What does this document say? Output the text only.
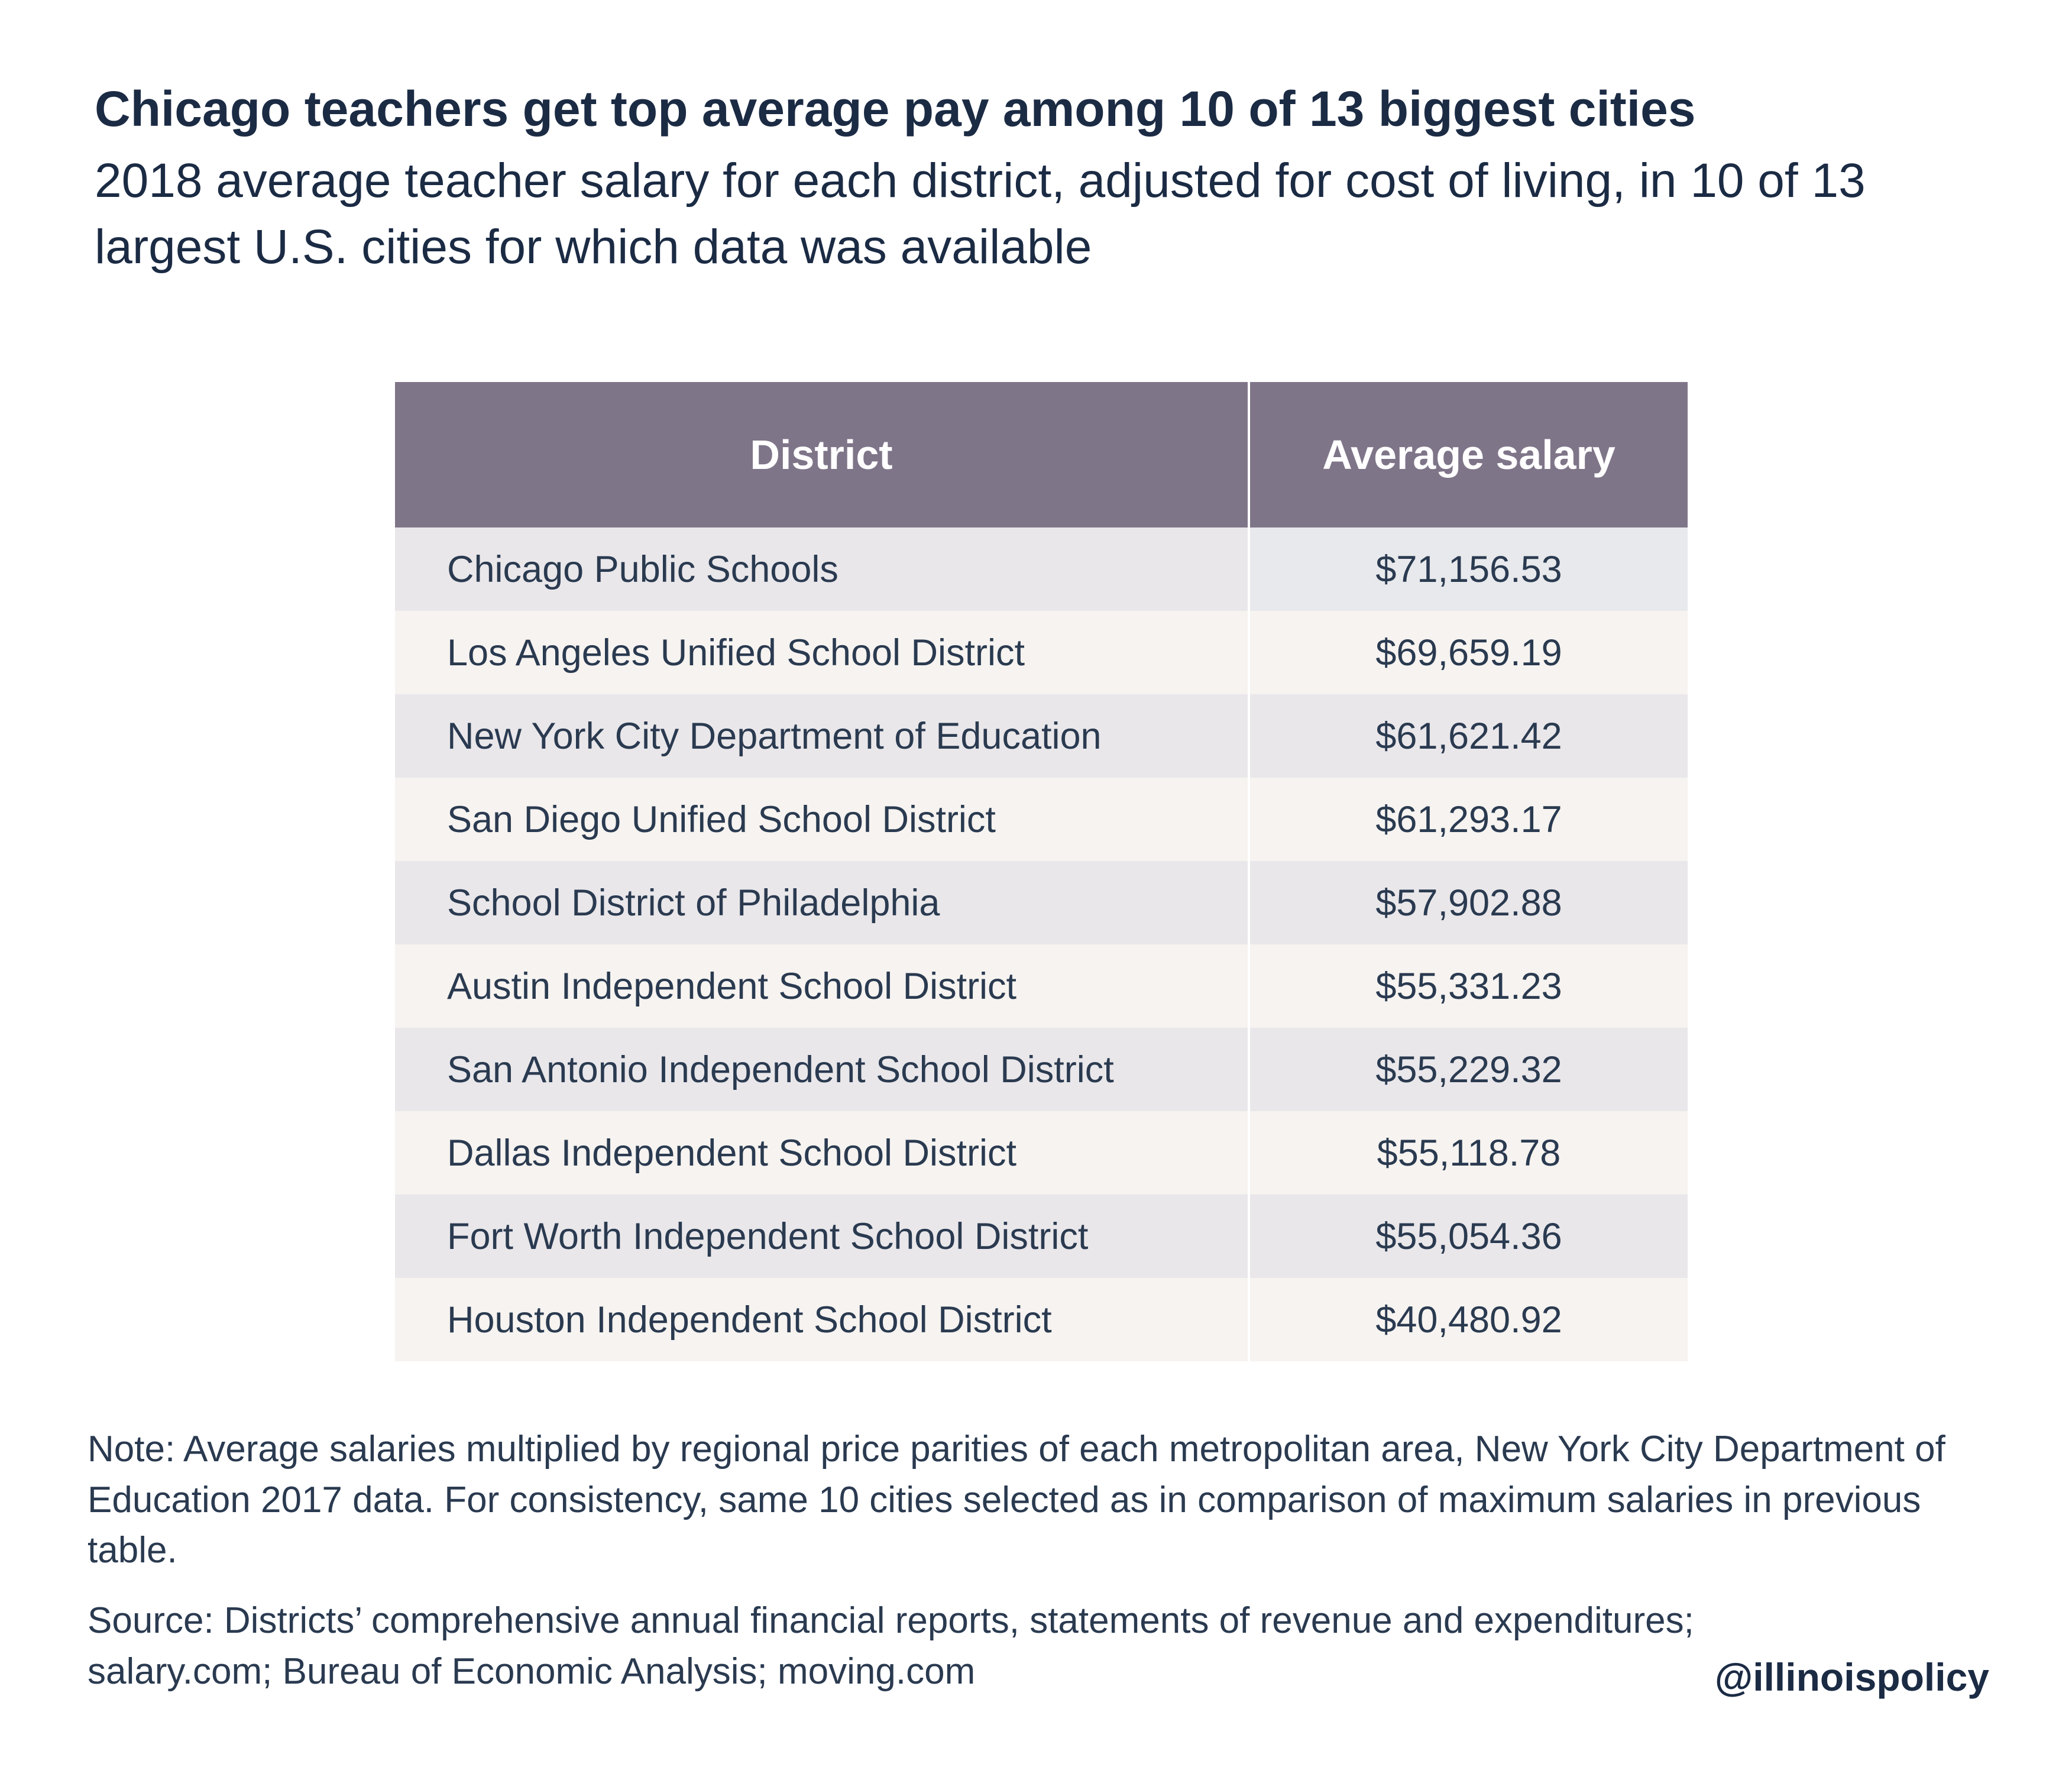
Chicago teachers get top average pay among 10 of 13 biggest cities
2018 average teacher salary for each district, adjusted for cost of living, in 10 of 13 largest U.S. cities for which data was available
District	Average salary
Chicago Public Schools	$71,156.53
Los Angeles Unified School District	$69,659.19
New York City Department of Education	$61,621.42
San Diego Unified School District	$61,293.17
School District of Philadelphia	$57,902.88
Austin Independent School District	$55,331.23
San Antonio Independent School District	$55,229.32
Dallas Independent School District	$55,118.78
Fort Worth Independent School District	$55,054.36
Houston Independent School District	$40,480.92
Note: Average salaries multiplied by regional price parities of each metropolitan area, New York City Department of Education 2017 data. For consistency, same 10 cities selected as in comparison of maximum salaries in previous table.
Source: Districts’ comprehensive annual financial reports, statements of revenue and expenditures; salary.com; Bureau of Economic Analysis; moving.com	@illinoispolicy
